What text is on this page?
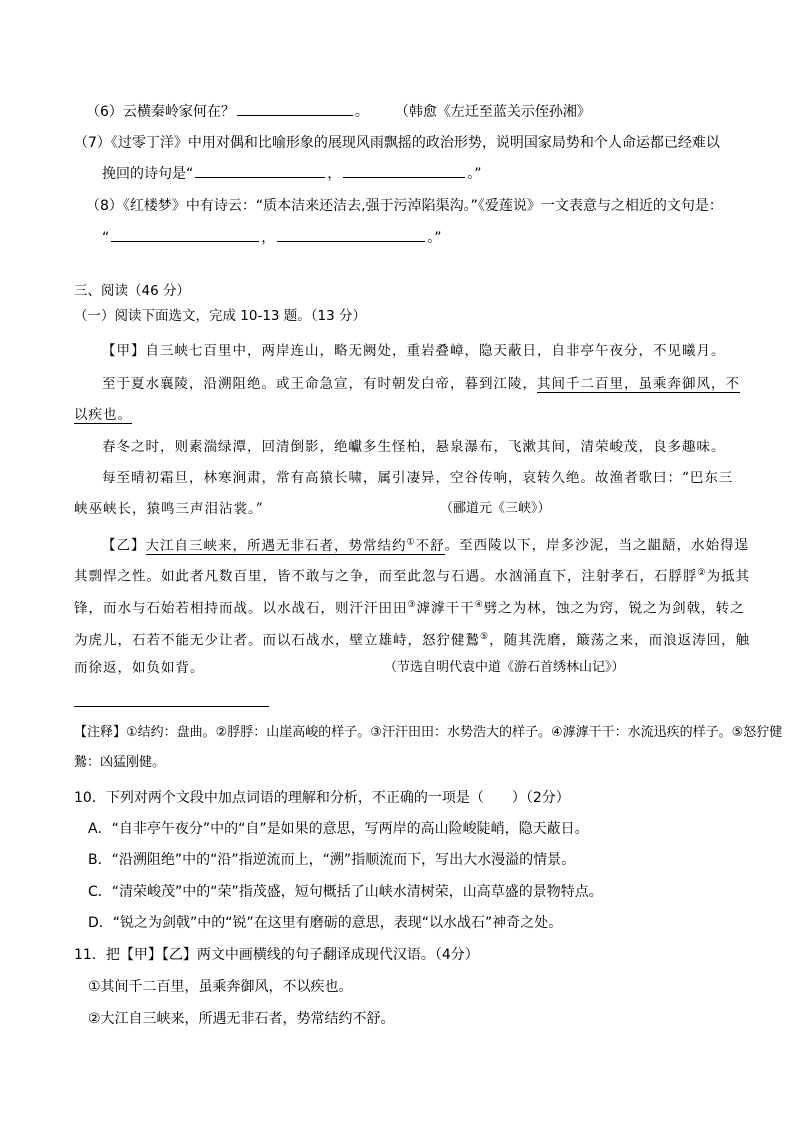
（6）云横秦岭家何在？	。 （韩愈《左迁至蓝关示侄孙湘》
（7）《过零丁洋》中用对偶和比喻形象的展现风雨飘摇的政治形势，说明国家局势和个人命运都已经难以
挽回的诗句是“	，	。”
（8）《红楼梦》中有诗云：“质本洁来还洁去,强于污淖陷渠沟。”《爱莲说》一文表意与之相近的文句是：
“	，	。”
三、阅读（46 分）
（一）阅读下面选文，完成 10-13 题。（13 分）
【甲】自三峡七百里中，两岸连山，略无阙处，重岩叠嶂，隐天蔽日，自非亭午夜分，不见曦月。
至于夏水襄陵，沿溯阻绝。或王命急宣，有时朝发白帝，暮到江陵，其间千二百里，虽乘奔御风，不
以疾也。
春冬之时，则素湍绿潭，回清倒影，绝巘多生怪柏，悬泉瀑布，飞漱其间，清荣峻茂，良多趣味。
每至晴初霜旦，林寒涧肃，常有高猿长啸，属引凄异，空谷传响，哀转久绝。故渔者歌曰：“巴东三
峡巫峡长，猿鸣三声泪沾裳。”	（郦道元《三峡》）
【乙】大江自三峡来，所遇无非石者，势常结约①不舒。至西陵以下，岸多沙泥，当之龃龉，水始得逞
其剽悍之性。如此者凡数百里，皆不敢与之争，而至此忽与石遇。水汹涌直下，注射孝石，石脬脬②为抵其
锋，而水与石始若相持而战。以水战石，则汗汗田田③滹滹干干④劈之为林，蚀之为窍，锐之为剑戟，转之
为虎儿，石若不能无少让者。而以石战水，壁立雄峙，怒狞健鷙⑤，随其洗磨，簸荡之来，而浪返涛回，触
而徐返，如负如背。	（节选自明代袁中道《游石首绣林山记》）
【注释】①结约：盘曲。②脬脬：山崖高峻的样子。③汗汗田田：水势浩大的样子。④滹滹干干：水流迅疾的样子。⑤怒狞健
鷙：凶猛刚健。
10．下列对两个文段中加点词语的理解和分析，不正确的一项是（　　）（2分）
A．“自非亭午夜分”中的“自”是如果的意思，写两岸的高山险峻陡峭，隐天蔽日。
B．“沿溯阻绝”中的“沿”指逆流而上，“溯”指顺流而下，写出大水漫溢的情景。
C．“清荣峻茂”中的“荣”指茂盛，短句概括了山峡水清树荣，山高草盛的景物特点。
D．“锐之为剑戟”中的“锐”在这里有磨砺的意思，表现“以水战石”神奇之处。
11．把【甲】【乙】两文中画横线的句子翻译成现代汉语。（4分）
①其间千二百里，虽乘奔御风，不以疾也。
②大江自三峡来，所遇无非石者，势常结约不舒。
